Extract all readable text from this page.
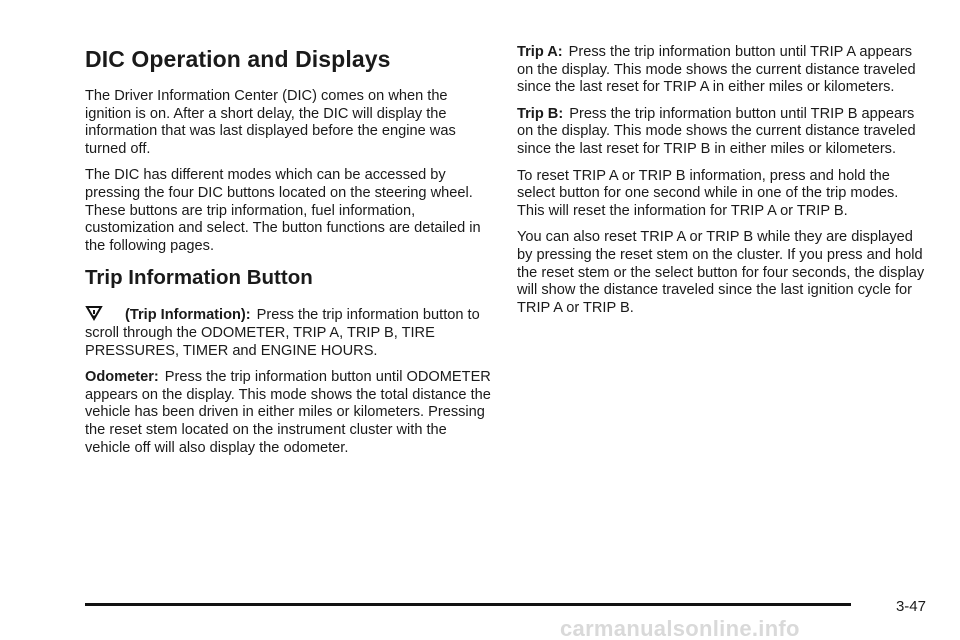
DIC Operation and Displays

The Driver Information Center (DIC) comes on when the ignition is on. After a short delay, the DIC will display the information that was last displayed before the engine was turned off.

The DIC has different modes which can be accessed by pressing the four DIC buttons located on the steering wheel. These buttons are trip information, fuel information, customization and select. The button functions are detailed in the following pages.

Trip Information Button

(Trip Information): Press the trip information button to scroll through the ODOMETER, TRIP A, TRIP B, TIRE PRESSURES, TIMER and ENGINE HOURS.

Odometer: Press the trip information button until ODOMETER appears on the display. This mode shows the total distance the vehicle has been driven in either miles or kilometers. Pressing the reset stem located on the instrument cluster with the vehicle off will also display the odometer.

Trip A: Press the trip information button until TRIP A appears on the display. This mode shows the current distance traveled since the last reset for TRIP A in either miles or kilometers.

Trip B: Press the trip information button until TRIP B appears on the display. This mode shows the current distance traveled since the last reset for TRIP B in either miles or kilometers.

To reset TRIP A or TRIP B information, press and hold the select button for one second while in one of the trip modes. This will reset the information for TRIP A or TRIP B.

You can also reset TRIP A or TRIP B while they are displayed by pressing the reset stem on the cluster. If you press and hold the reset stem or the select button for four seconds, the display will show the distance traveled since the last ignition cycle for TRIP A or TRIP B.

3-47
carmanualsonline.info
